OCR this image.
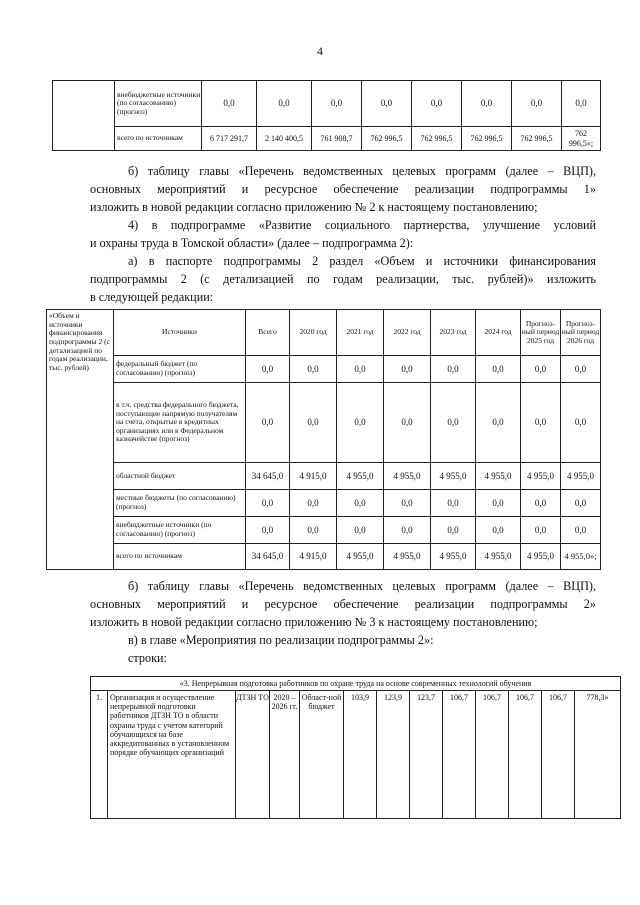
4
	внебюджетные источники (по согласованию) (прогноз)	0,0	0,0	0,0	0,0	0,0	0,0	0,0	0,0
	всего по источникам	6 717 291,7	2 140 400,5	761 908,7	762 996,5	762 996,5	762 996,5	762 996,5	762 996,5»;

б) таблицу главы «Перечень ведомственных целевых программ (далее – ВЦП),

основных мероприятий и ресурсное обеспечение реализации подпрограммы 1»

изложить в новой редакции согласно приложению № 2 к настоящему постановлению;

4) в подпрограмме «Развитие социального партнерства, улучшение условий

и охраны труда в Томской области» (далее – подпрограмма 2):

а) в паспорте подпрограммы 2 раздел «Объем и источники финансирования

подпрограммы 2 (с детализацией по годам реализации, тыс. рублей)» изложить

в следующей редакции:

«Объем и источники финансирования подпрограммы 2 (с детализацией по годам реализации, тыс. рублей)	Источники	Всего	2020 год	2021 год	2022 год	2023 год	2024 год	Прогноз-ный период 2025 год	Прогноз-ный период 2026 год
	федеральный бюджет (по согласованию) (прогноз)	0,0	0,0	0,0	0,0	0,0	0,0	0,0	0,0
	в т.ч. средства федерального бюджета, поступающие напрямую получателям на счета, открытые в кредитных организациях или в Федеральном казначействе (прогноз)	0,0	0,0	0,0	0,0	0,0	0,0	0,0	0,0
	областной бюджет	34 645,0	4 915,0	4 955,0	4 955,0	4 955,0	4 955,0	4 955,0	4 955,0
	местные бюджеты (по согласованию) (прогноз)	0,0	0,0	0,0	0,0	0,0	0,0	0,0	0,0
	внебюджетные источники (по согласованию) (прогноз)	0,0	0,0	0,0	0,0	0,0	0,0	0,0	0,0
	всего по источникам	34 645,0	4 915,0	4 955,0	4 955,0	4 955,0	4 955,0	4 955,0	4 955,0»;

б) таблицу главы «Перечень ведомственных целевых программ (далее – ВЦП),

основных мероприятий и ресурсное обеспечение реализации подпрограммы 2»

изложить в новой редакции согласно приложению № 3 к настоящему постановлению;

в) в главе «Мероприятия по реализации подпрограммы 2»:

строки:

«3. Непрерывная подготовка работников по охране труда на основе современных технологий обучения
1.	Организация и осуществление непрерывной подготовки работников ДТЗН ТО в области охраны труда с учетом категорий обучающихся на базе аккредитованных в установленном порядке обучающих организаций	ДТЗН ТО	2020 – 2026 гг.	Област-ной бюджет	103,9	123,9	123,7	106,7	106,7	106,7	106,7	778,3»
